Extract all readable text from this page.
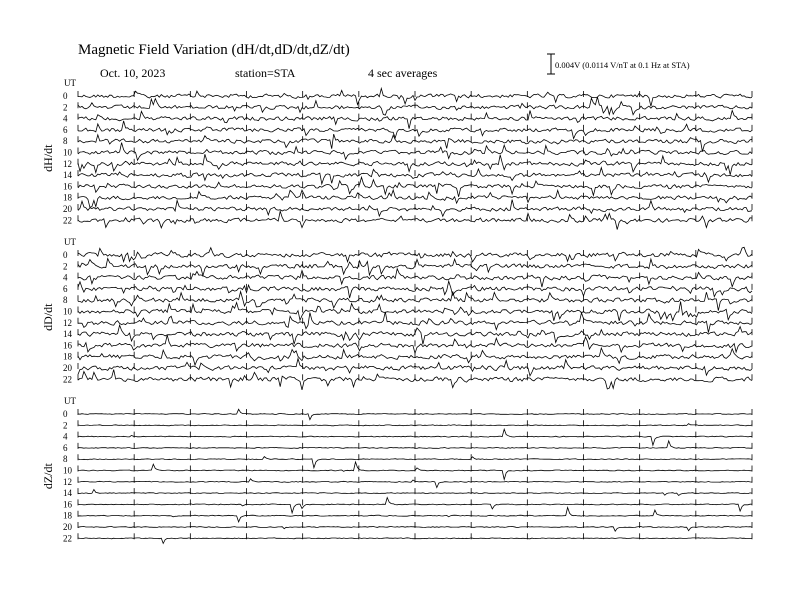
Magnetic Field Variation (dH/dt,dD/dt,dZ/dt)
Oct. 10, 2023	station=STA	4 sec averages
0.004V (0.0114 V/nT at 0.1 Hz at STA)
UT
dH/dt
0
2
4
6
8
10
12
14
16
18
20
22
UT
dD/dt
0
2
4
6
8
10
12
14
16
18
20
22
UT
dZ/dt
0
2
4
6
8
10
12
14
16
18
20
22
